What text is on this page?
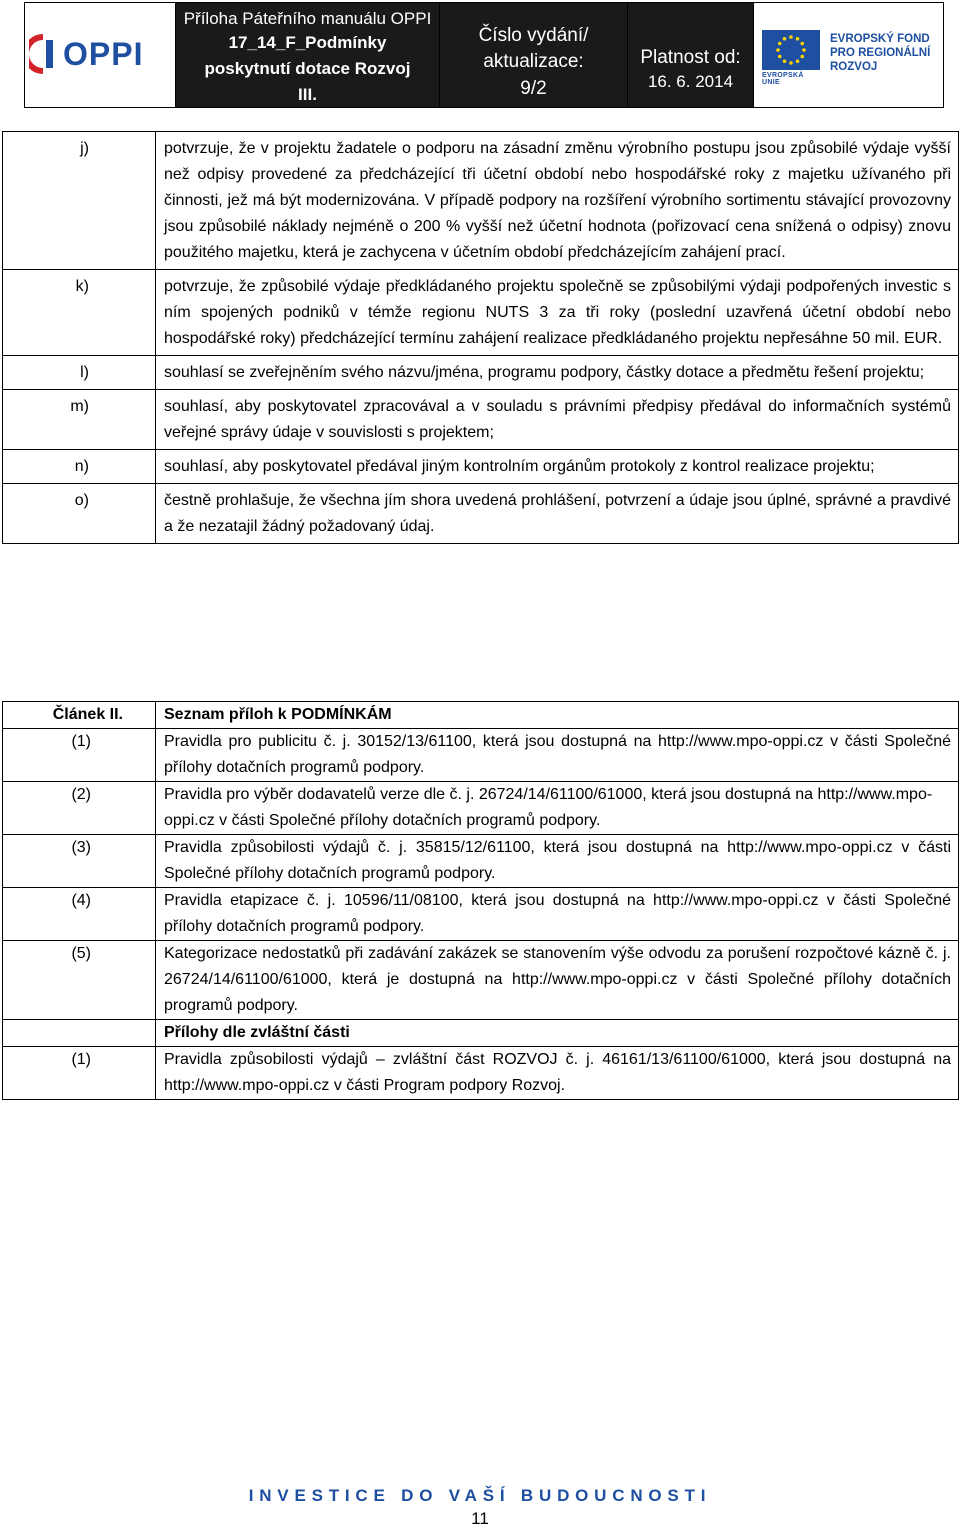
OPPI
Příloha Páteřního manuálu OPPI
17_14_F_Podmínky
poskytnutí dotace Rozvoj
III.
Číslo vydání/
aktualizace:
9/2
Platnost od:
16. 6. 2014	EVROPSKÁ UNIE
EVROPSKÝ FOND
PRO REGIONÁLNÍ
ROZVOJ
j)	potvrzuje, že v projektu žadatele o podporu na zásadní změnu výrobního postupu jsou způsobilé výdaje vyšší než odpisy provedené za předcházející tři účetní období nebo hospodářské roky z majetku užívaného při činnosti, jež má být modernizována. V případě podpory na rozšíření výrobního sortimentu stávající provozovny jsou způsobilé náklady nejméně o 200 % vyšší než účetní hodnota (pořizovací cena snížená o odpisy) znovu použitého majetku, která je zachycena v účetním období předcházejícím zahájení prací.
k)	potvrzuje, že způsobilé výdaje předkládaného projektu společně se způsobilými výdaji podpořených investic s ním spojených podniků v témže regionu NUTS 3 za tři roky (poslední uzavřená účetní období nebo hospodářské roky) předcházející termínu zahájení realizace předkládaného projektu nepřesáhne 50 mil. EUR.
l)	souhlasí se zveřejněním svého názvu/jména, programu podpory, částky dotace a předmětu řešení projektu;
m)	souhlasí, aby poskytovatel zpracovával a v souladu s právními předpisy předával do informačních systémů veřejné správy údaje v souvislosti s projektem;
n)	souhlasí, aby poskytovatel předával jiným kontrolním orgánům protokoly z kontrol realizace projektu;
o)	čestně prohlašuje, že všechna jím shora uvedená prohlášení, potvrzení a údaje jsou úplné, správné a pravdivé a že nezatajil žádný požadovaný údaj.
Článek II.	Seznam příloh k PODMÍNKÁM
(1)	Pravidla pro publicitu č. j. 30152/13/61100, která jsou dostupná na http://www.mpo-oppi.cz v části Společné přílohy dotačních programů podpory.
(2)	Pravidla pro výběr dodavatelů verze dle č. j. 26724/14/61100/61000, která jsou dostupná na http://www.mpo-oppi.cz v části Společné přílohy dotačních programů podpory.
(3)	Pravidla způsobilosti výdajů č. j. 35815/12/61100, která jsou dostupná na http://www.mpo-oppi.cz v části Společné přílohy dotačních programů podpory.
(4)	Pravidla etapizace č. j. 10596/11/08100, která jsou dostupná na http://www.mpo-oppi.cz v části Společné přílohy dotačních programů podpory.
(5)	Kategorizace nedostatků při zadávání zakázek se stanovením výše odvodu za porušení rozpočtové kázně č. j. 26724/14/61100/61000, která je dostupná na http://www.mpo-oppi.cz v části Společné přílohy dotačních programů podpory.
	Přílohy dle zvláštní části
(1)	Pravidla způsobilosti výdajů – zvláštní část ROZVOJ č. j. 46161/13/61100/61000, která jsou dostupná na http://www.mpo-oppi.cz v části Program podpory Rozvoj.
INVESTICE DO VAŠÍ BUDOUCNOSTI
11
